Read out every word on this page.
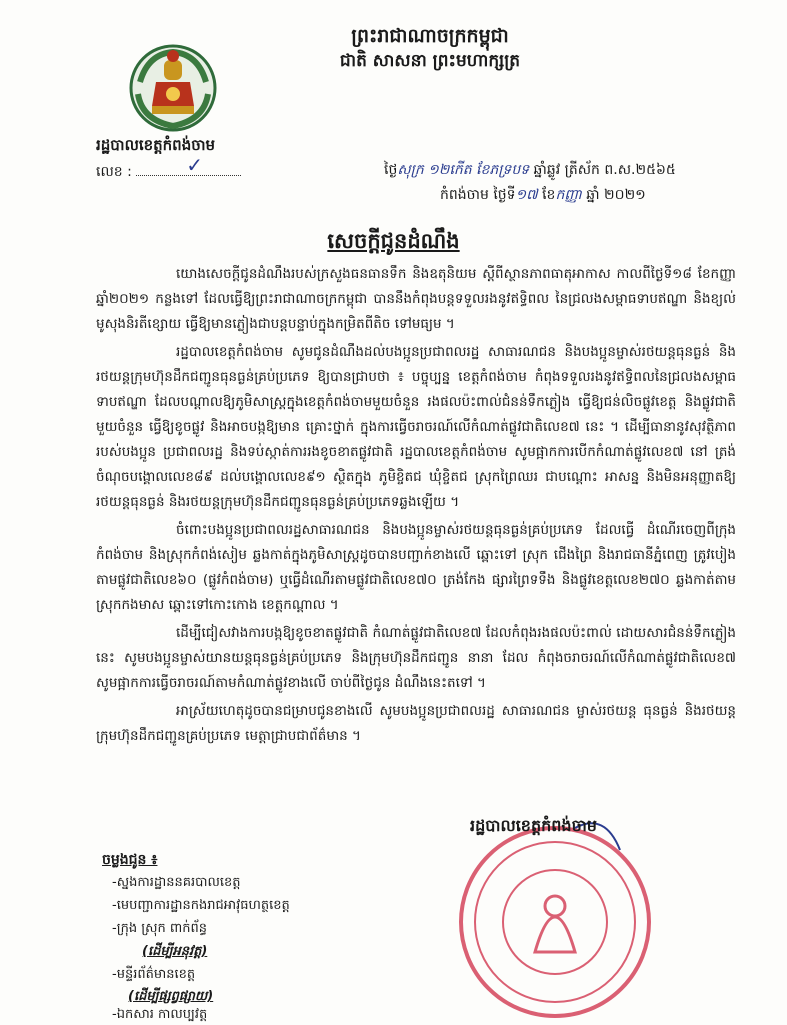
ព្រះរាជាណាចក្រកម្ពុជា
ជាតិ សាសនា ព្រះមហាក្សត្រ
រដ្ឋបាលខេត្តកំពង់ចាម
លេខ :	✓	ថ្ងៃសុក្រ ១២កើត ខែភទ្របទ ឆ្នាំឆ្លូវ ត្រីស័ក ព.ស.២៥៦៥
កំពង់ចាម ថ្ងៃទី១៧ ខែកញ្ញា ឆ្នាំ ២០២១
សេចក្តីជូនដំណឹង

យោងសេចក្តីជូនដំណឹងរបស់ក្រសួងធនធានទឹក និងឧតុនិយម ស្តីពីស្ថានភាពធាតុអាកាស កាលពីថ្ងៃទី១៨ ខែកញ្ញា ឆ្នាំ២០២១ កន្លងទៅ ដែលធ្វើឱ្យព្រះរាជាណាចក្រកម្ពុជា បាននឹងកំពុងបន្តទទួលរងនូវឥទ្ធិពល នៃជ្រលងសម្ពាធទាបឥណ្ឌា និងខ្យល់មូសុងនិរតីខ្សោយ ធ្វើឱ្យមានភ្លៀងជាបន្តបន្ទាប់ក្នុងកម្រិតពីតិច ទៅមធ្យម ។

រដ្ឋបាលខេត្តកំពង់ចាម សូមជូនដំណឹងដល់បងប្អូនប្រជាពលរដ្ឋ សាធារណជន និងបងប្អូនម្ចាស់រថយន្តធុនធ្ងន់ និងរថយន្តក្រុមហ៊ុនដឹកជញ្ជូនធុនធ្ងន់គ្រប់ប្រភេទ ឱ្យបានជ្រាបថា ៖ បច្ចុប្បន្ន ខេត្តកំពង់ចាម កំពុងទទួលរងនូវឥទ្ធិពលនៃជ្រលងសម្ពាធទាបឥណ្ឌា ដែលបណ្តាលឱ្យភូមិសាស្ត្រក្នុងខេត្តកំពង់ចាមមួយចំនួន រងផលប៉ះពាល់ជំនន់ទឹកភ្លៀង ធ្វើឱ្យជន់លិចផ្លូវខេត្ត និងផ្លូវជាតិមួយចំនួន ធ្វើឱ្យខូចផ្លូវ និងអាចបង្កឱ្យមាន គ្រោះថ្នាក់ ក្នុងការធ្វើចរាចរណ៍លើកំណាត់ផ្លូវជាតិលេខ៧ នេះ ។ ដើម្បីធានានូវសុវត្ថិភាពរបស់បងប្អូន ប្រជាពលរដ្ឋ និងទប់ស្កាត់ការរងខូចខាតផ្លូវជាតិ រដ្ឋបាលខេត្តកំពង់ចាម សូមផ្អាកការបើកកំណាត់ផ្លូវលេខ៧ នៅ ត្រង់ចំណុចបង្គោលលេខ៨៩ ដល់បង្គោលលេខ៩១ ស្ថិតក្នុង ភូមិខ្ចិតជ ឃុំខ្ចិតជ ស្រុកព្រៃឈរ ជាបណ្តោះ អាសន្ន និងមិនអនុញ្ញាតឱ្យរថយន្តធុនធ្ងន់ និងរថយន្តក្រុមហ៊ុនដឹកជញ្ជូនធុនធ្ងន់គ្រប់ប្រភេទឆ្លងឡើយ ។

ចំពោះបងប្អូនប្រជាពលរដ្ឋសាធារណជន និងបងប្អូនម្ចាស់រថយន្តធុនធ្ងន់គ្រប់ប្រភេទ ដែលធ្វើ ដំណើរចេញពីក្រុងកំពង់ចាម និងស្រុកកំពង់សៀម ឆ្លងកាត់ក្នុងភូមិសាស្ត្រដូចបានបញ្ជាក់ខាងលើ ឆ្ពោះទៅ ស្រុក ជើងព្រៃ និងរាជធានីភ្នំពេញ ត្រូវបៀងតាមផ្លូវជាតិលេខ៦០ (ផ្លូវកំពង់ចាម) ឬធ្វើដំណើរតាមផ្លូវជាតិលេខ៧០ ត្រង់កែង ផ្សារព្រៃទទឹង និងផ្លូវខេត្តលេខ២៧០ ឆ្លងកាត់តាមស្រុកកងមាស ឆ្ពោះទៅកោះកោង ខេត្តកណ្តាល ។

ដើម្បីជៀសវាងការបង្កឱ្យខូចខាតផ្លូវជាតិ កំណាត់ផ្លូវជាតិលេខ៧ ដែលកំពុងរងផលប៉ះពាល់ ដោយសារជំនន់ទឹកភ្លៀងនេះ សូមបងប្អូនម្ចាស់យានយន្តធុនធ្ងន់គ្រប់ប្រភេទ និងក្រុមហ៊ុនដឹកជញ្ជូន នានា ដែល កំពុងចរាចរណ៍លើកំណាត់ផ្លូវជាតិលេខ៧ សូមផ្អាកការធ្វើចរាចរណ៍តាមកំណាត់ផ្លូវខាងលើ ចាប់ពីថ្ងៃជូន ដំណឹងនេះតទៅ ។

អាស្រ័យហេតុដូចបានជម្រាបជូនខាងលើ សូមបងប្អូនប្រជាពលរដ្ឋ សាធារណជន ម្ចាស់រថយន្ត ធុនធ្ងន់ និងរថយន្តក្រុមហ៊ុនដឹកជញ្ជូនគ្រប់ប្រភេទ មេត្តាជ្រាបជាព័ត៌មាន ។

រដ្ឋបាលខេត្តកំពង់ចាម
ចម្លងជូន ៖
-ស្នងការដ្ឋាននគរបាលខេត្ត
-មេបញ្ជាការដ្ឋានកងរាជអាវុធហត្ថខេត្ត
-ក្រុង ស្រុក ពាក់ព័ន្ធ
(ដើម្បីអនុវត្ត)
-មន្ទីរព័ត៌មានខេត្ត
(ដើម្បីផ្សព្វផ្សាយ)
-ឯកសារ កាលប្បវត្ត
